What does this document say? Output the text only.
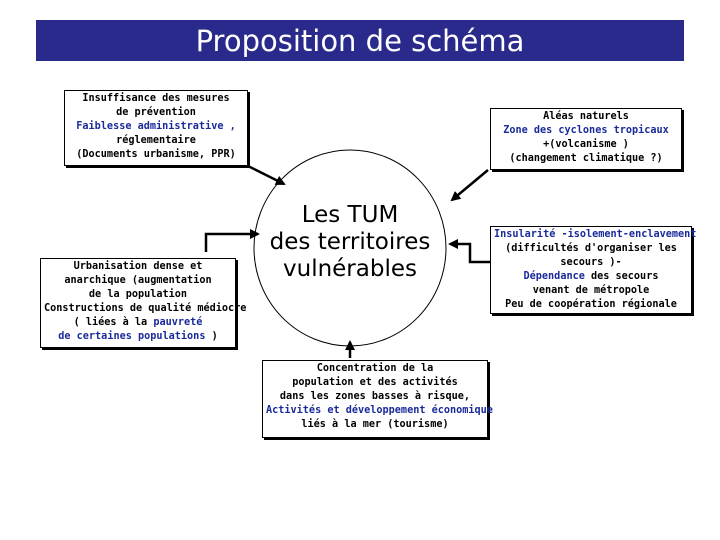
Proposition de schéma
Les TUM
des territoires
vulnérables
Insuffisance des mesures
de prévention
Faiblesse administrative ,
réglementaire
(Documents urbanisme, PPR)
Aléas naturels
Zone des cyclones tropicaux
+(volcanisme )
(changement climatique ?)
Urbanisation dense et
anarchique (augmentation
de la population
Constructions de qualité médiocre
( liées à la pauvreté
de certaines populations )
Insularité -isolement-enclavement
(difficultés d'organiser les
secours )-
Dépendance des secours
venant de métropole
Peu de coopération régionale
Concentration de la
population et des activités
dans les zones basses à risque,
Activités et développement économique
liés à la mer (tourisme)
